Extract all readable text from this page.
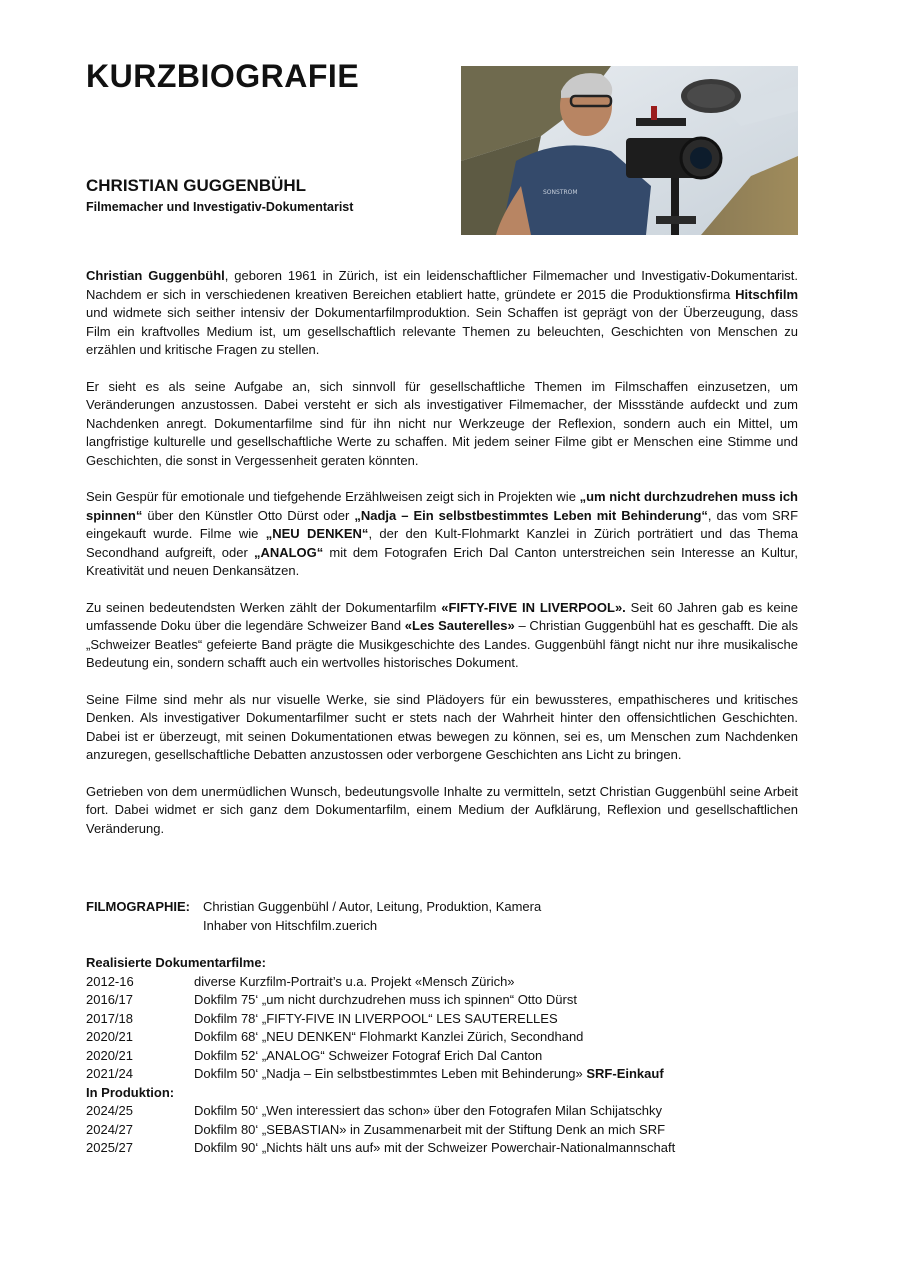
KURZBIOGRAFIE
CHRISTIAN GUGGENBÜHL

Filmemacher und Investigativ-Dokumentarist

SONSTROM

Christian Guggenbühl, geboren 1961 in Zürich, ist ein leidenschaftlicher Filmemacher und Investigativ-Dokumentarist. Nachdem er sich in verschiedenen kreativen Bereichen etabliert hatte, gründete er 2015 die Produktionsfirma Hitschfilm und widmete sich seither intensiv der Dokumentarfilmproduktion. Sein Schaffen ist geprägt von der Überzeugung, dass Film ein kraftvolles Medium ist, um gesellschaftlich relevante Themen zu beleuchten, Geschichten von Menschen zu erzählen und kritische Fragen zu stellen.

Er sieht es als seine Aufgabe an, sich sinnvoll für gesellschaftliche Themen im Filmschaffen einzusetzen, um Veränderungen anzustossen. Dabei versteht er sich als investigativer Filmemacher, der Missstände aufdeckt und zum Nachdenken anregt. Dokumentarfilme sind für ihn nicht nur Werkzeuge der Reflexion, sondern auch ein Mittel, um langfristige kulturelle und gesellschaftliche Werte zu schaffen. Mit jedem seiner Filme gibt er Menschen eine Stimme und Geschichten, die sonst in Vergessenheit geraten könnten.

Sein Gespür für emotionale und tiefgehende Erzählweisen zeigt sich in Projekten wie „um nicht durchzudrehen muss ich spinnen“ über den Künstler Otto Dürst oder „Nadja – Ein selbstbestimmtes Leben mit Behinderung“, das vom SRF eingekauft wurde. Filme wie „NEU DENKEN“, der den Kult-Flohmarkt Kanzlei in Zürich porträtiert und das Thema Secondhand aufgreift, oder „ANALOG“ mit dem Fotografen Erich Dal Canton unterstreichen sein Interesse an Kultur, Kreativität und neuen Denkansätzen.

Zu seinen bedeutendsten Werken zählt der Dokumentarfilm «FIFTY-FIVE IN LIVERPOOL». Seit 60 Jahren gab es keine umfassende Doku über die legendäre Schweizer Band «Les Sauterelles» – Christian Guggenbühl hat es geschafft. Die als „Schweizer Beatles“ gefeierte Band prägte die Musikgeschichte des Landes. Guggenbühl fängt nicht nur ihre musikalische Bedeutung ein, sondern schafft auch ein wertvolles historisches Dokument.

Seine Filme sind mehr als nur visuelle Werke, sie sind Plädoyers für ein bewussteres, empathischeres und kritisches Denken. Als investigativer Dokumentarfilmer sucht er stets nach der Wahrheit hinter den offensichtlichen Geschichten. Dabei ist er überzeugt, mit seinen Dokumentationen etwas bewegen zu können, sei es, um Menschen zum Nachdenken anzuregen, gesellschaftliche Debatten anzustossen oder verborgene Geschichten ans Licht zu bringen.

Getrieben von dem unermüdlichen Wunsch, bedeutungsvolle Inhalte zu vermitteln, setzt Christian Guggenbühl seine Arbeit fort. Dabei widmet er sich ganz dem Dokumentarfilm, einem Medium der Aufklärung, Reflexion und gesellschaftlichen Veränderung.

FILMOGRAPHIE:	Christian Guggenbühl / Autor, Leitung, Produktion, Kamera
Inhaber von Hitschfilm.zuerich
Realisierte Dokumentarfilme:
2012-16	diverse Kurzfilm-Portrait’s u.a. Projekt «Mensch Zürich»
2016/17	Dokfilm 75‘ „um nicht durchzudrehen muss ich spinnen“ Otto Dürst
2017/18	Dokfilm 78‘ „FIFTY-FIVE IN LIVERPOOL“ LES SAUTERELLES
2020/21	Dokfilm 68‘ „NEU DENKEN“ Flohmarkt Kanzlei Zürich, Secondhand
2020/21	Dokfilm 52‘ „ANALOG“ Schweizer Fotograf Erich Dal Canton
2021/24	Dokfilm 50‘ „Nadja – Ein selbstbestimmtes Leben mit Behinderung» SRF-Einkauf
In Produktion:
2024/25	Dokfilm 50‘ „Wen interessiert das schon» über den Fotografen Milan Schijatschky
2024/27	Dokfilm 80‘ „SEBASTIAN» in Zusammenarbeit mit der Stiftung Denk an mich SRF
2025/27	Dokfilm 90‘ „Nichts hält uns auf» mit der Schweizer Powerchair-Nationalmannschaft
